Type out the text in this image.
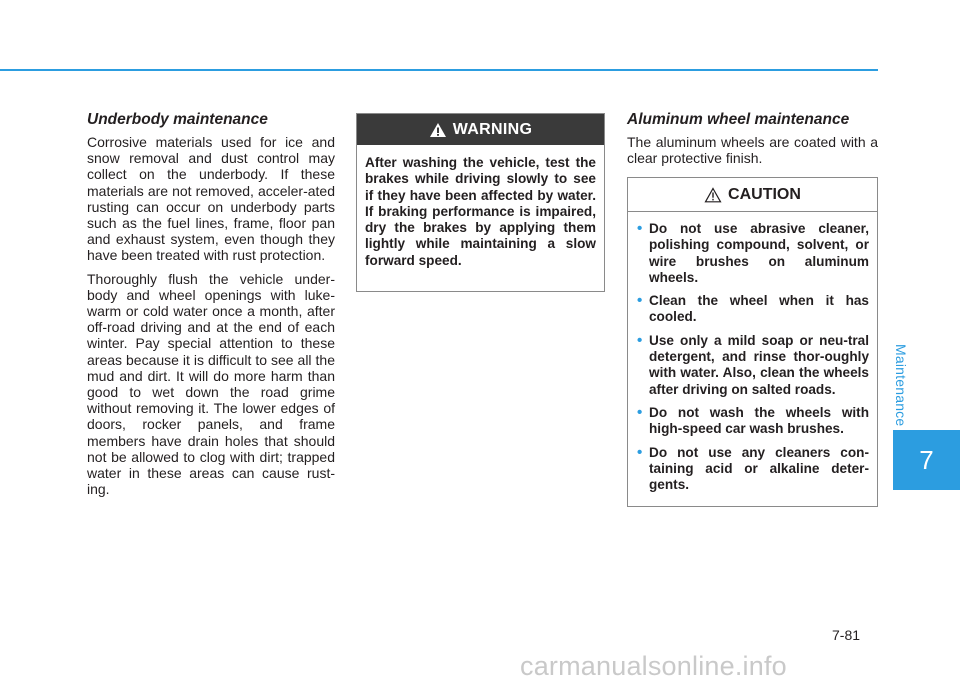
Maintenance
7
Underbody maintenance

Corrosive materials used for ice and snow removal and dust control may collect on the underbody. If these materials are not removed, acceler-ated rusting can occur on underbody parts such as the fuel lines, frame, floor pan and exhaust system, even though they have been treated with rust protection.

Thoroughly flush the vehicle under-body and wheel openings with luke-warm or cold water once a month, after off-road driving and at the end of each winter. Pay special attention to these areas because it is difficult to see all the mud and dirt. It will do more harm than good to wet down the road grime without removing it. The lower edges of doors, rocker panels, and frame members have drain holes that should not be allowed to clog with dirt; trapped water in these areas can cause rust-ing.

WARNING
After washing the vehicle, test the brakes while driving slowly to see if they have been affected by water. If braking performance is impaired, dry the brakes by applying them lightly while maintaining a slow forward speed.
Aluminum wheel maintenance

The aluminum wheels are coated with a clear protective finish.

CAUTION
• Do not use abrasive cleaner, polishing compound, solvent, or wire brushes on aluminum wheels.
• Clean the wheel when it has cooled.
• Use only a mild soap or neu-tral detergent, and rinse thor-oughly with water. Also, clean the wheels after driving on salted roads.
• Do not wash the wheels with high-speed car wash brushes.
• Do not use any cleaners con-taining acid or alkaline deter-gents.
7-81
carmanualsonline.info
